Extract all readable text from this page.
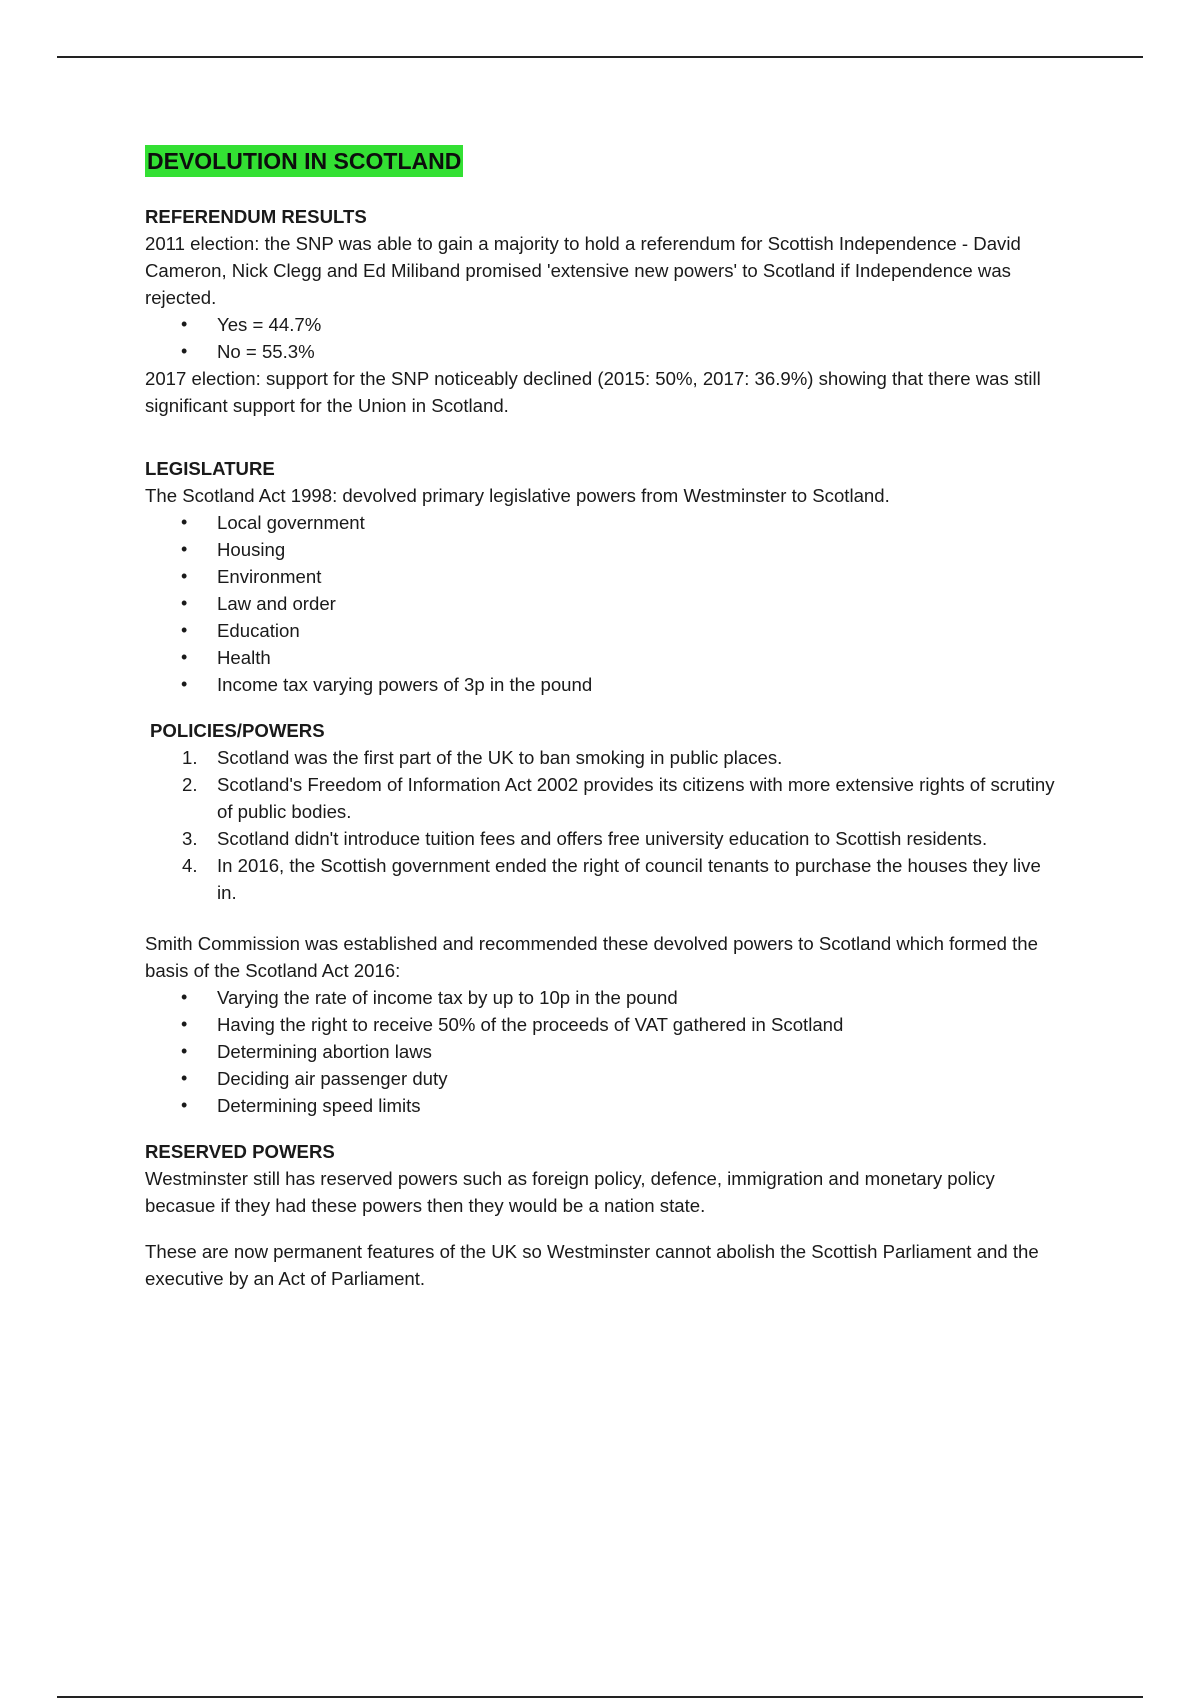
DEVOLUTION IN SCOTLAND

REFERENDUM RESULTS

2011 election: the SNP was able to gain a majority to hold a referendum for Scottish Independence - David Cameron, Nick Clegg and Ed Miliband promised 'extensive new powers' to Scotland if Independence was rejected.

• Yes = 44.7%
• No = 55.3%

2017 election: support for the SNP noticeably declined (2015: 50%, 2017: 36.9%) showing that there was still significant support for the Union in Scotland.

LEGISLATURE

The Scotland Act 1998: devolved primary legislative powers from Westminster to Scotland.

• Local government
• Housing
• Environment
• Law and order
• Education
• Health
• Income tax varying powers of 3p in the pound

POLICIES/POWERS

1. Scotland was the first part of the UK to ban smoking in public places.
2. Scotland's Freedom of Information Act 2002 provides its citizens with more extensive rights of scrutiny of public bodies.
3. Scotland didn't introduce tuition fees and offers free university education to Scottish residents.
4. In 2016, the Scottish government ended the right of council tenants to purchase the houses they live in.

Smith Commission was established and recommended these devolved powers to Scotland which formed the basis of the Scotland Act 2016:

• Varying the rate of income tax by up to 10p in the pound
• Having the right to receive 50% of the proceeds of VAT gathered in Scotland
• Determining abortion laws
• Deciding air passenger duty
• Determining speed limits

RESERVED POWERS

Westminster still has reserved powers such as foreign policy, defence, immigration and monetary policy becasue if they had these powers then they would be a nation state.

These are now permanent features of the UK so Westminster cannot abolish the Scottish Parliament and the executive by an Act of Parliament.
